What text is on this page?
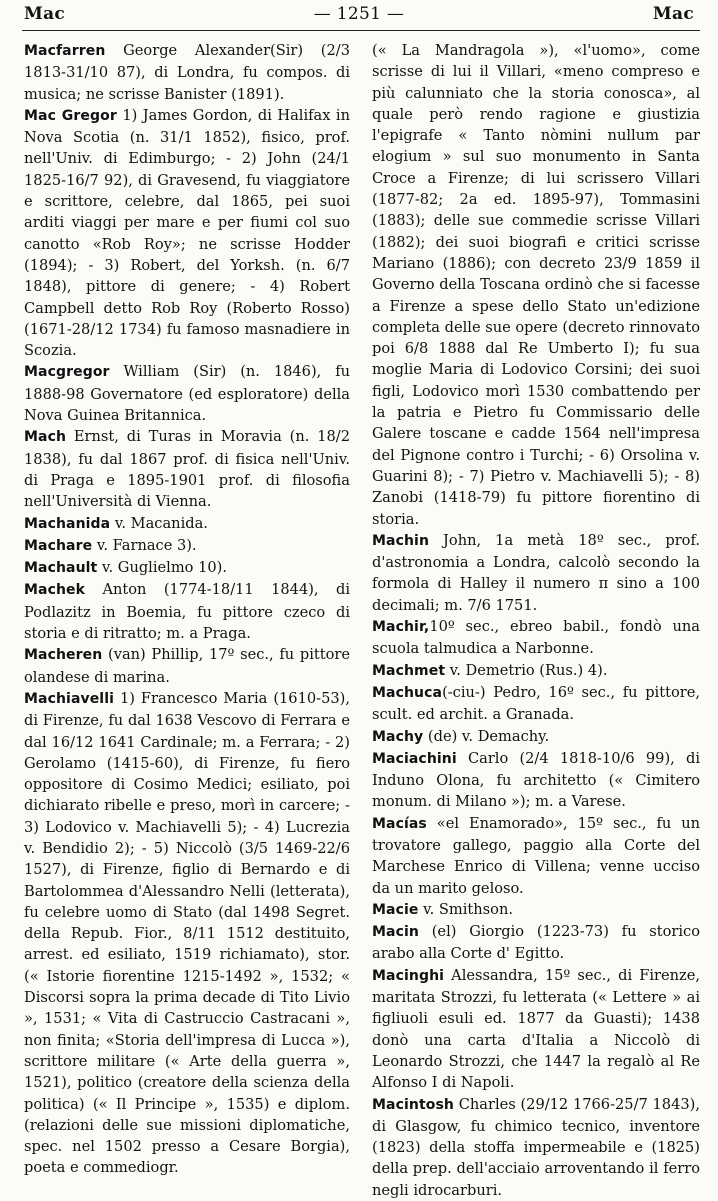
Mac	— 1251 —	Mac

Macfarren George Alexander(Sir) (2/3 1813-31/10 87), di Londra, fu compos. di musica; ne scrisse Banister (1891).

Mac Gregor 1) James Gordon, di Halifax in Nova Scotia (n. 31/1 1852), fisico, prof. nell'Univ. di Edimburgo; - 2) John (24/1 1825-16/7 92), di Gravesend, fu viaggiatore e scrittore, celebre, dal 1865, pei suoi arditi viaggi per mare e per fiumi col suo canotto «Rob Roy»; ne scrisse Hodder (1894); - 3) Robert, del Yorksh. (n. 6/7 1848), pittore di genere; - 4) Robert Campbell detto Rob Roy (Roberto Rosso) (1671-28/12 1734) fu famoso masnadiere in Scozia.

Macgregor William (Sir) (n. 1846), fu 1888-98 Governatore (ed esploratore) della Nova Guinea Britannica.

Mach Ernst, di Turas in Moravia (n. 18/2 1838), fu dal 1867 prof. di fisica nell'Univ. di Praga e 1895-1901 prof. di filosofia nell'Università di Vienna.

Machanida v. Macanida.

Machare v. Farnace 3).

Machault v. Guglielmo 10).

Machek Anton (1774-18/11 1844), di Podlazitz in Boemia, fu pittore czeco di storia e di ritratto; m. a Praga.

Macheren (van) Phillip, 17º sec., fu pittore olandese di marina.

Machiavelli 1) Francesco Maria (1610-53), di Firenze, fu dal 1638 Vescovo di Ferrara e dal 16/12 1641 Cardinale; m. a Ferrara; - 2) Gerolamo (1415-60), di Firenze, fu fiero oppositore di Cosimo Medici; esiliato, poi dichiarato ribelle e preso, morì in carcere; - 3) Lodovico v. Machiavelli 5); - 4) Lucrezia v. Bendidio 2); - 5) Niccolò (3/5 1469-22/6 1527), di Firenze, figlio di Bernardo e di Bartolommea d'Alessandro Nelli (letterata), fu celebre uomo di Stato (dal 1498 Segret. della Repub. Fior., 8/11 1512 destituito, arrest. ed esiliato, 1519 richiamato), stor. (« Istorie fiorentine 1215-1492 », 1532; « Discorsi sopra la prima decade di Tito Livio », 1531; « Vita di Castruccio Castracani », non finita; «Storia dell'impresa di Lucca »), scrittore militare (« Arte della guerra », 1521), politico (creatore della scienza della politica) (« Il Principe », 1535) e diplom. (relazioni delle sue missioni diplomatiche, spec. nel 1502 presso a Cesare Borgia), poeta e commediogr.

(« La Mandragola »), «l'uomo», come scrisse di lui il Villari, «meno compreso e più calunniato che la storia conosca», al quale però rendo ragione e giustizia l'epigrafe « Tanto nòmini nullum par elogium » sul suo monumento in Santa Croce a Firenze; di lui scrissero Villari (1877-82; 2a ed. 1895-97), Tommasini (1883); delle sue commedie scrisse Villari (1882); dei suoi biografi e critici scrisse Mariano (1886); con decreto 23/9 1859 il Governo della Toscana ordinò che si facesse a Firenze a spese dello Stato un'edizione completa delle sue opere (decreto rinnovato poi 6/8 1888 dal Re Umberto I); fu sua moglie Maria di Lodovico Corsini; dei suoi figli, Lodovico morì 1530 combattendo per la patria e Pietro fu Commissario delle Galere toscane e cadde 1564 nell'impresa del Pignone contro i Turchi; - 6) Orsolina v. Guarini 8); - 7) Pietro v. Machiavelli 5); - 8) Zanobi (1418-79) fu pittore fiorentino di storia.

Machin John, 1a metà 18º sec., prof. d'astronomia a Londra, calcolò secondo la formola di Halley il numero π sino a 100 decimali; m. 7/6 1751.

Machir,10º sec., ebreo babil., fondò una scuola talmudica a Narbonne.

Machmet v. Demetrio (Rus.) 4).

Machuca(-ciu-) Pedro, 16º sec., fu pittore, scult. ed archit. a Granada.

Machy (de) v. Demachy.

Maciachini Carlo (2/4 1818-10/6 99), di Induno Olona, fu architetto (« Cimitero monum. di Milano »); m. a Varese.

Macías «el Enamorado», 15º sec., fu un trovatore gallego, paggio alla Corte del Marchese Enrico di Villena; venne ucciso da un marito geloso.

Macie v. Smithson.

Macin (el) Giorgio (1223-73) fu storico arabo alla Corte d' Egitto.

Macinghi Alessandra, 15º sec., di Firenze, maritata Strozzi, fu letterata (« Lettere » ai figliuoli esuli ed. 1877 da Guasti); 1438 donò una carta d'Italia a Niccolò di Leonardo Strozzi, che 1447 la regalò al Re Alfonso I di Napoli.

Macintosh Charles (29/12 1766-25/7 1843), di Glasgow, fu chimico tecnico, inventore (1823) della stoffa impermeabile e (1825) della prep. dell'acciaio arroventando il ferro negli idrocarburi.
